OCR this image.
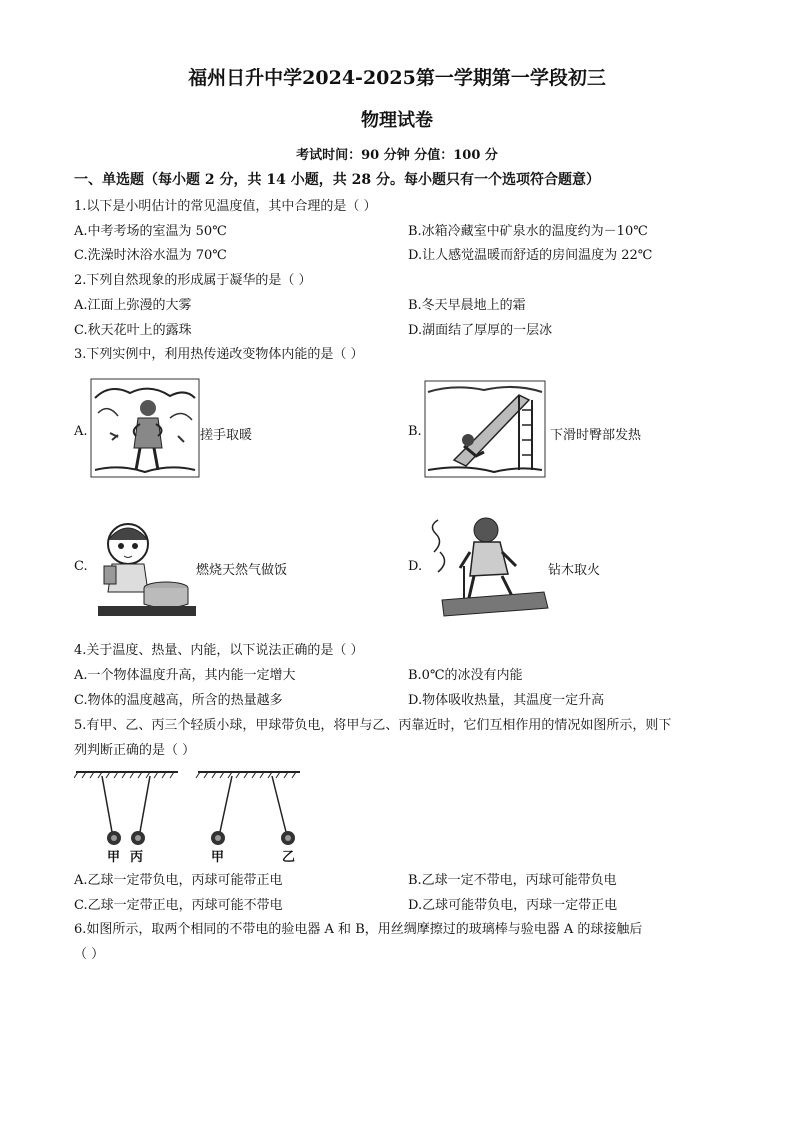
福州日升中学2024-2025第一学期第一学段初三
物理试卷
考试时间：90 分钟 分值：100 分
一、单选题（每小题 2 分，共 14 小题，共 28 分。每小题只有一个选项符合题意）
1.以下是小明估计的常见温度值，其中合理的是（ ）
A.中考考场的室温为 50℃	B.冰箱冷藏室中矿泉水的温度约为－10℃
C.洗澡时沐浴水温为 70℃	D.让人感觉温暖而舒适的房间温度为 22℃
2.下列自然现象的形成属于凝华的是（ ）
A.江面上弥漫的大雾	B.冬天早晨地上的霜
C.秋天花叶上的露珠	D.湖面结了厚厚的一层冰
3.下列实例中，利用热传递改变物体内能的是（ ）
A.	搓手取暖	B.	下滑时臀部发热
C.	燃烧天然气做饭	D.	钻木取火
4.关于温度、热量、内能，以下说法正确的是（ ）
A.一个物体温度升高，其内能一定增大	B.0℃的冰没有内能
C.物体的温度越高，所含的热量越多	D.物体吸收热量，其温度一定升高
5.有甲、乙、丙三个轻质小球，甲球带负电，将甲与乙、丙靠近时，它们互相作用的情况如图所示，则下
列判断正确的是（ ）
甲 丙	甲	乙
A.乙球一定带负电，丙球可能带正电	B.乙球一定不带电，丙球可能带负电
C.乙球一定带正电，丙球可能不带电	D.乙球可能带负电，丙球一定带正电
6.如图所示，取两个相同的不带电的验电器 A 和 B，用丝绸摩擦过的玻璃棒与验电器 A 的球接触后
（ ）
